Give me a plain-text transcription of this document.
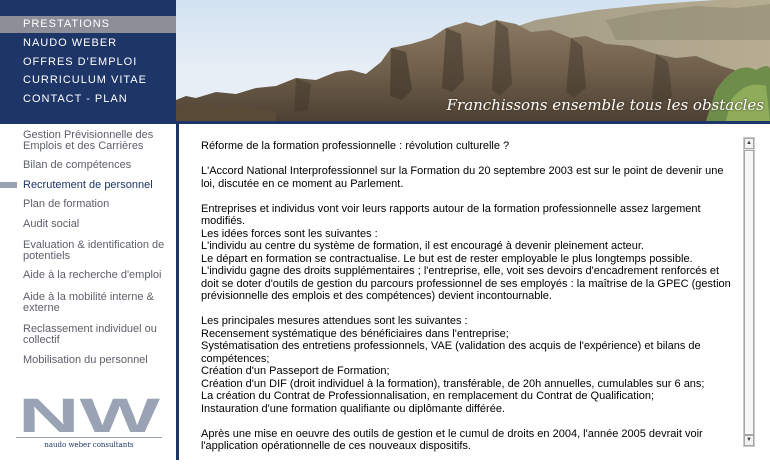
PRESTATIONS
NAUDO WEBER
OFFRES D'EMPLOI
CURRICULUM VITAE
CONTACT - PLAN	Franchissons ensemble tous les obstacles
Gestion Prévisionnelle des Emplois et des Carrières
Bilan de compétences
Recrutement de personnel
Plan de formation
Audit social
Evaluation & identification de potentiels
Aide à la recherche d'emploi
Aide à la mobilité interne & externe
Reclassement individuel ou collectif
Mobilisation du personnel
NW
naudo weber consultants

Réforme de la formation professionnelle : révolution culturelle ?

L'Accord National Interprofessionnel sur la Formation du 20 septembre 2003 est sur le point de devenir une loi, discutée en ce moment au Parlement.

Entreprises et individus vont voir leurs rapports autour de la formation professionnelle assez largement modifiés.
Les idées forces sont les suivantes :
L'individu au centre du système de formation, il est encouragé à devenir pleinement acteur.
Le départ en formation se contractualise. Le but est de rester employable le plus longtemps possible.
L'individu gagne des droits supplémentaires ; l'entreprise, elle, voit ses devoirs d'encadrement renforcés et doit se doter d'outils de gestion du parcours professionnel de ses employés : la maîtrise de la GPEC (gestion prévisionnelle des emplois et des compétences) devient incontournable.

Les principales mesures attendues sont les suivantes :
Recensement systématique des bénéficiaires dans l'entreprise;
Systématisation des entretiens professionnels, VAE (validation des acquis de l'expérience) et bilans de compétences;
Création d'un Passeport de Formation;
Création d'un DIF (droit individuel à la formation), transférable, de 20h annuelles, cumulables sur 6 ans;
La création du Contrat de Professionnalisation, en remplacement du Contrat de Qualification;
Instauration d'une formation qualifiante ou diplômante différée.

Après une mise en oeuvre des outils de gestion et le cumul de droits en 2004, l'année 2005 devrait voir l'application opérationnelle de ces nouveaux dispositifs.

▲
▼
